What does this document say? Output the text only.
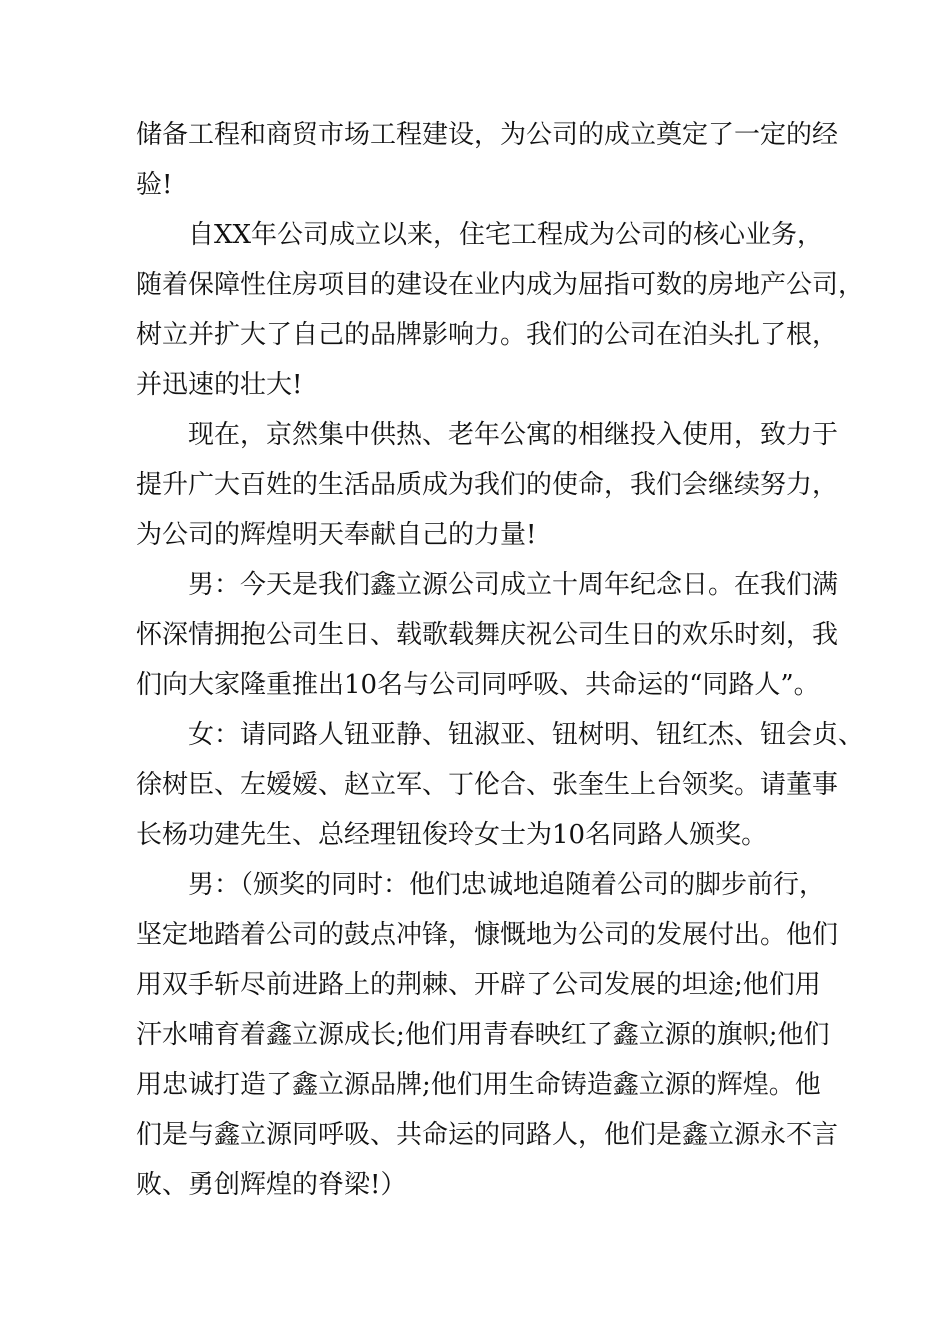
储备工程和商贸市场工程建设，为公司的成立奠定了一定的经
验!

自XX年公司成立以来，住宅工程成为公司的核心业务，
随着保障性住房项目的建设在业内成为屈指可数的房地产公司，
树立并扩大了自己的品牌影响力。我们的公司在泊头扎了根，
并迅速的壮大!

现在，京然集中供热、老年公寓的相继投入使用，致力于
提升广大百姓的生活品质成为我们的使命，我们会继续努力，
为公司的辉煌明天奉献自己的力量!

男：今天是我们鑫立源公司成立十周年纪念日。在我们满
怀深情拥抱公司生日、载歌载舞庆祝公司生日的欢乐时刻，我
们向大家隆重推出10名与公司同呼吸、共命运的“同路人”。

女：请同路人钮亚静、钮淑亚、钮树明、钮红杰、钮会贞、
徐树臣、左嫒嫒、赵立军、丁伦合、张奎生上台领奖。请董事
长杨功建先生、总经理钮俊玲女士为10名同路人颁奖。

男：（颁奖的同时：他们忠诚地追随着公司的脚步前行，
坚定地踏着公司的鼓点冲锋，慷慨地为公司的发展付出。他们
用双手斩尽前进路上的荆棘、开辟了公司发展的坦途;他们用
汗水哺育着鑫立源成长;他们用青春映红了鑫立源的旗帜;他们
用忠诚打造了鑫立源品牌;他们用生命铸造鑫立源的辉煌。他
们是与鑫立源同呼吸、共命运的同路人，他们是鑫立源永不言
败、勇创辉煌的脊梁!）
